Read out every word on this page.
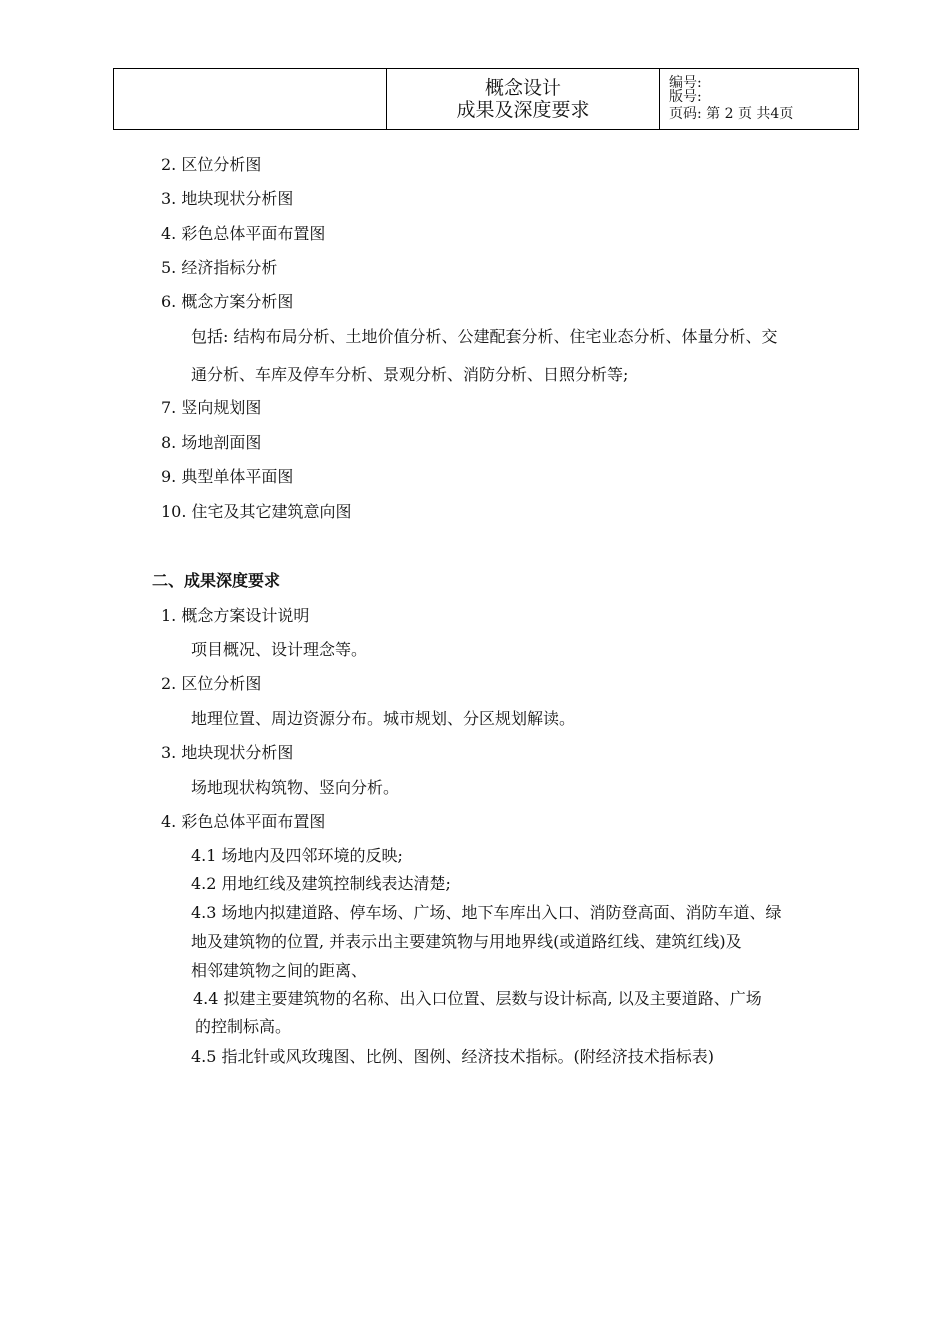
概念设计
成果及深度要求
编号:
版号:
页码: 第 2 页 共4页
2. 区位分析图
3. 地块现状分析图
4. 彩色总体平面布置图
5. 经济指标分析
6. 概念方案分析图
包括: 结构布局分析、土地价值分析、公建配套分析、住宅业态分析、体量分析、交
通分析、车库及停车分析、景观分析、消防分析、日照分析等;
7. 竖向规划图
8. 场地剖面图
9. 典型单体平面图
10. 住宅及其它建筑意向图
二、成果深度要求
1. 概念方案设计说明
项目概况、设计理念等。
2. 区位分析图
地理位置、周边资源分布。城市规划、分区规划解读。
3. 地块现状分析图
场地现状构筑物、竖向分析。
4. 彩色总体平面布置图
4.1 场地内及四邻环境的反映;
4.2 用地红线及建筑控制线表达清楚;
4.3 场地内拟建道路、停车场、广场、地下车库出入口、消防登高面、消防车道、绿
地及建筑物的位置, 并表示出主要建筑物与用地界线(或道路红线、建筑红线)及
相邻建筑物之间的距离、
4.4 拟建主要建筑物的名称、出入口位置、层数与设计标高, 以及主要道路、广场
的控制标高。
4.5 指北针或风玫瑰图、比例、图例、经济技术指标。(附经济技术指标表)
